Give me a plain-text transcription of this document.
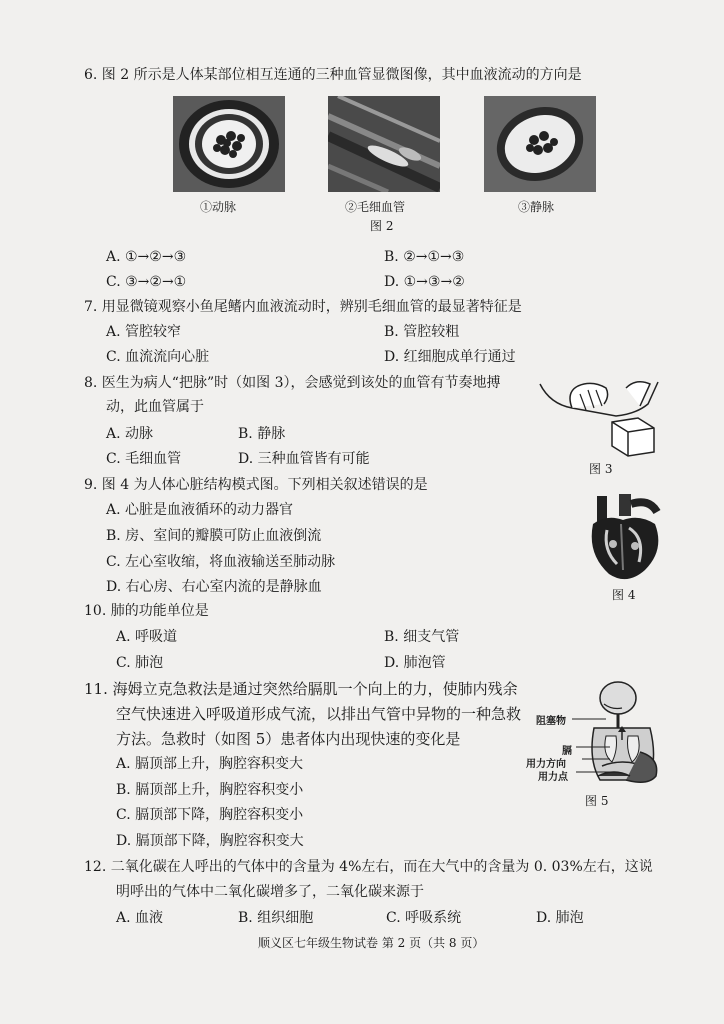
6. 图 2 所示是人体某部位相互连通的三种血管显微图像，其中血液流动的方向是
①动脉	②毛细血管	③静脉
图 2
A. ①→②→③	B. ②→①→③
C. ③→②→①	D. ①→③→②
7. 用显微镜观察小鱼尾鳍内血液流动时，辨别毛细血管的最显著特征是
A. 管腔较窄	B. 管腔较粗
C. 血流流向心脏	D. 红细胞成单行通过
8. 医生为病人“把脉”时（如图 3），会感觉到该处的血管有节奏地搏
动，此血管属于
A. 动脉	B. 静脉
C. 毛细血管	D. 三种血管皆有可能
图 3
9. 图 4 为人体心脏结构模式图。下列相关叙述错误的是
A. 心脏是血液循环的动力器官
B. 房、室间的瓣膜可防止血液倒流
C. 左心室收缩，将血液输送至肺动脉
D. 右心房、右心室内流的是静脉血	图 4
10. 肺的功能单位是
A. 呼吸道	B. 细支气管
C. 肺泡	D. 肺泡管
11. 海姆立克急救法是通过突然给膈肌一个向上的力，使肺内残余
空气快速进入呼吸道形成气流，以排出气管中异物的一种急救
方法。急救时（如图 5）患者体内出现快速的变化是
A. 膈顶部上升，胸腔容积变大
B. 膈顶部上升，胸腔容积变小
C. 膈顶部下降，胸腔容积变小
D. 膈顶部下降，胸腔容积变大
阻塞物
膈
用力方向
用力点
图 5
12. 二氧化碳在人呼出的气体中的含量为 4%左右，而在大气中的含量为 0. 03%左右，这说
明呼出的气体中二氧化碳增多了，二氧化碳来源于
A. 血液	B. 组织细胞	C. 呼吸系统	D. 肺泡
顺义区七年级生物试卷 第 2 页（共 8 页）
